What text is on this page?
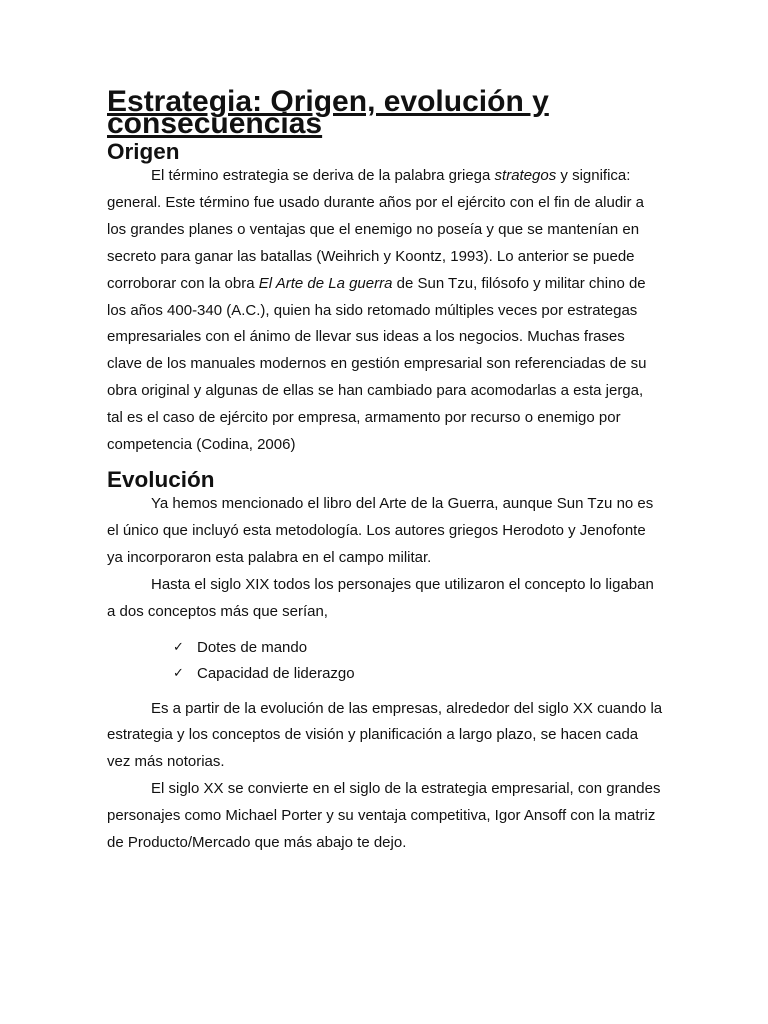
Estrategia: Origen, evolución y consecuencias
Origen

El término estrategia se deriva de la palabra griega strategos y significa: general. Este término fue usado durante años por el ejército con el fin de aludir a los grandes planes o ventajas que el enemigo no poseía y que se mantenían en secreto para ganar las batallas (Weihrich y Koontz, 1993). Lo anterior se puede corroborar con la obra El Arte de La guerra de Sun Tzu, filósofo y militar chino de los años 400-340 (A.C.), quien ha sido retomado múltiples veces por estrategas empresariales con el ánimo de llevar sus ideas a los negocios. Muchas frases clave de los manuales modernos en gestión empresarial son referenciadas de su obra original y algunas de ellas se han cambiado para acomodarlas a esta jerga, tal es el caso de ejército por empresa, armamento por recurso o enemigo por competencia (Codina, 2006)

Evolución

Ya hemos mencionado el libro del Arte de la Guerra, aunque Sun Tzu no es el único que incluyó esta metodología. Los autores griegos Herodoto y Jenofonte ya incorporaron esta palabra en el campo militar.

Hasta el siglo XIX todos los personajes que utilizaron el concepto lo ligaban a dos conceptos más que serían,

✓ Dotes de mando
✓ Capacidad de liderazgo

Es a partir de la evolución de las empresas, alrededor del siglo XX cuando la estrategia y los conceptos de visión y planificación a largo plazo, se hacen cada vez más notorias.

El siglo XX se convierte en el siglo de la estrategia empresarial, con grandes personajes como Michael Porter y su ventaja competitiva, Igor Ansoff con la matriz de Producto/Mercado que más abajo te dejo.
